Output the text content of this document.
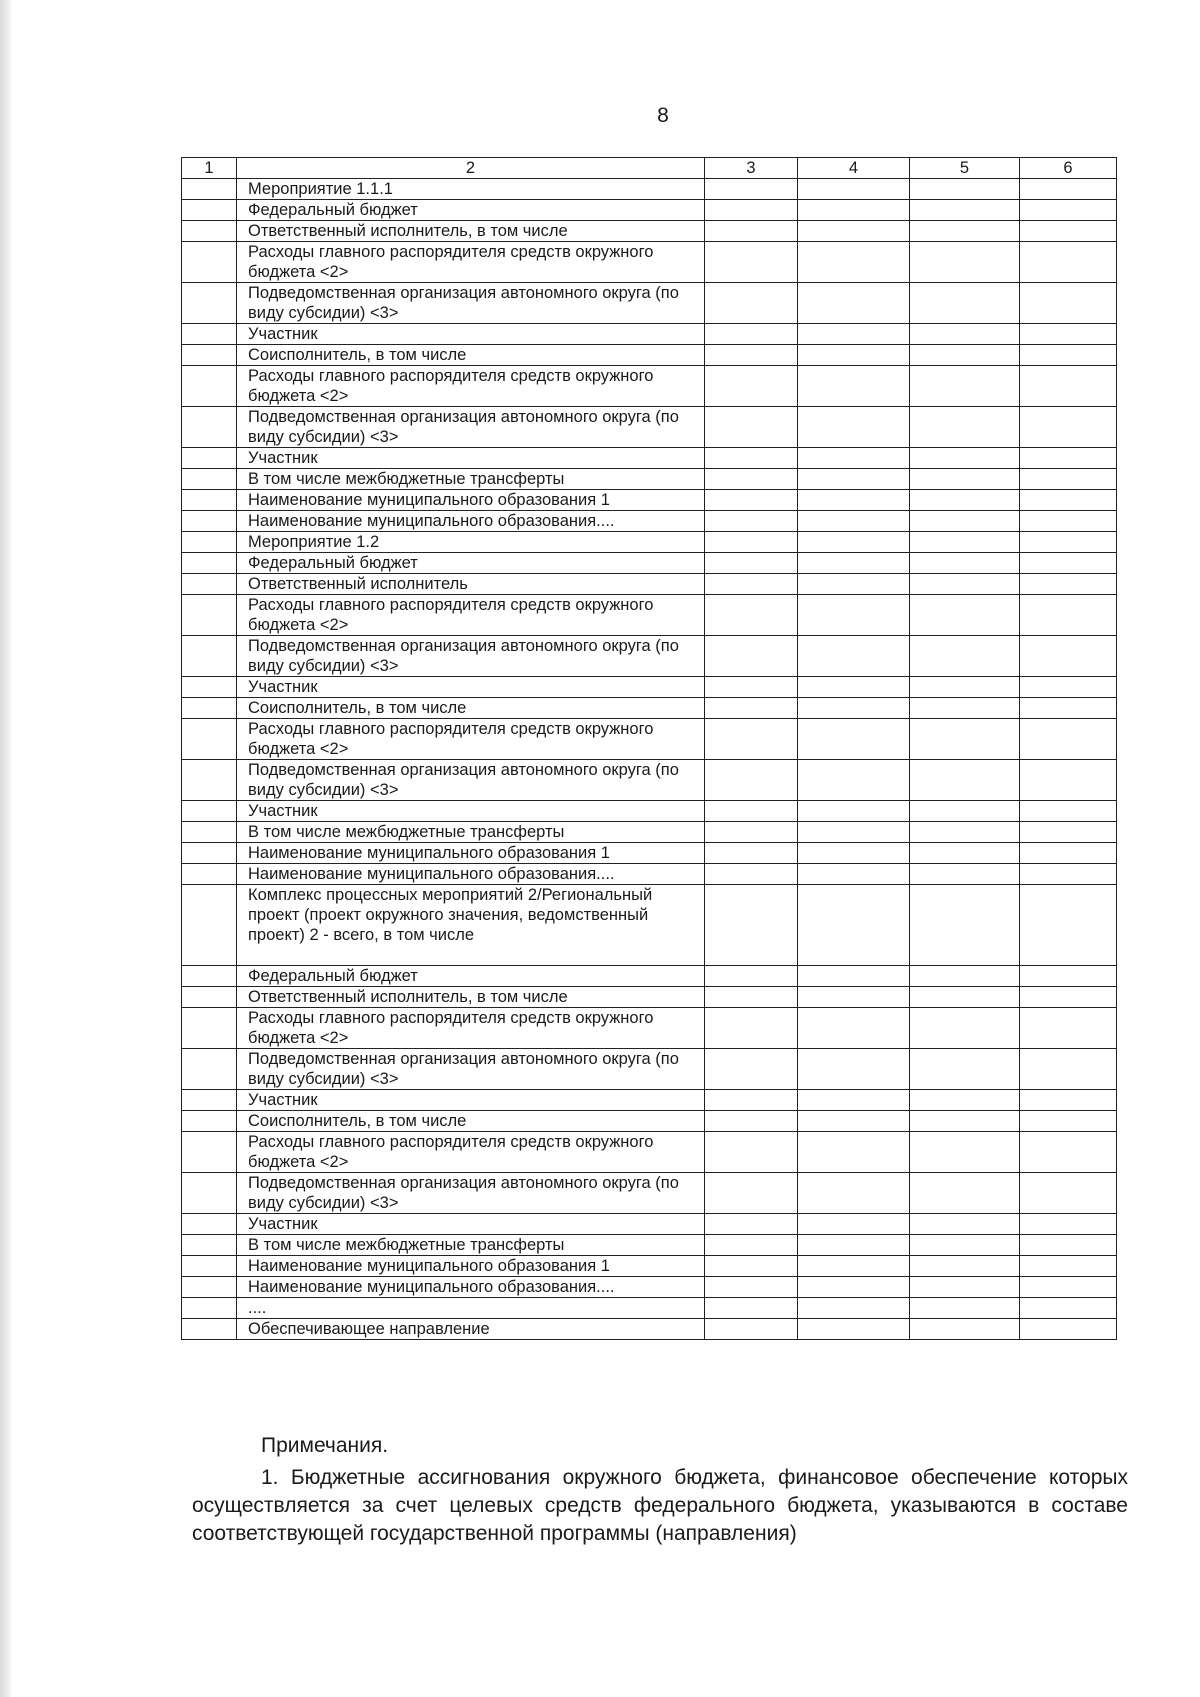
8
1	2	3	4	5	6
	Мероприятие 1.1.1				
	Федеральный бюджет				
	Ответственный исполнитель, в том числе				
	Расходы главного распорядителя средств окружного бюджета <2>				
	Подведомственная организация автономного округа (по виду субсидии) <3>				
	Участник				
	Соисполнитель, в том числе				
	Расходы главного распорядителя средств окружного бюджета <2>				
	Подведомственная организация автономного округа (по виду субсидии) <3>				
	Участник				
	В том числе межбюджетные трансферты				
	Наименование муниципального образования 1				
	Наименование муниципального образования....				
	Мероприятие 1.2				
	Федеральный бюджет				
	Ответственный исполнитель				
	Расходы главного распорядителя средств окружного бюджета <2>				
	Подведомственная организация автономного округа (по виду субсидии) <3>				
	Участник				
	Соисполнитель, в том числе				
	Расходы главного распорядителя средств окружного бюджета <2>				
	Подведомственная организация автономного округа (по виду субсидии) <3>				
	Участник				
	В том числе межбюджетные трансферты				
	Наименование муниципального образования 1				
	Наименование муниципального образования....				
	Комплекс процессных мероприятий 2/Региональный проект (проект окружного значения, ведомственный проект) 2 - всего, в том числе				
	Федеральный бюджет				
	Ответственный исполнитель, в том числе				
	Расходы главного распорядителя средств окружного бюджета <2>				
	Подведомственная организация автономного округа (по виду субсидии) <3>				
	Участник				
	Соисполнитель, в том числе				
	Расходы главного распорядителя средств окружного бюджета <2>				
	Подведомственная организация автономного округа (по виду субсидии) <3>				
	Участник				
	В том числе межбюджетные трансферты				
	Наименование муниципального образования 1				
	Наименование муниципального образования....				
	....				
	Обеспечивающее направление				

Примечания.

1. Бюджетные ассигнования окружного бюджета, финансовое обеспечение которых осуществляется за счет целевых средств федерального бюджета, указываются в составе соответствующей государственной программы (направления)
